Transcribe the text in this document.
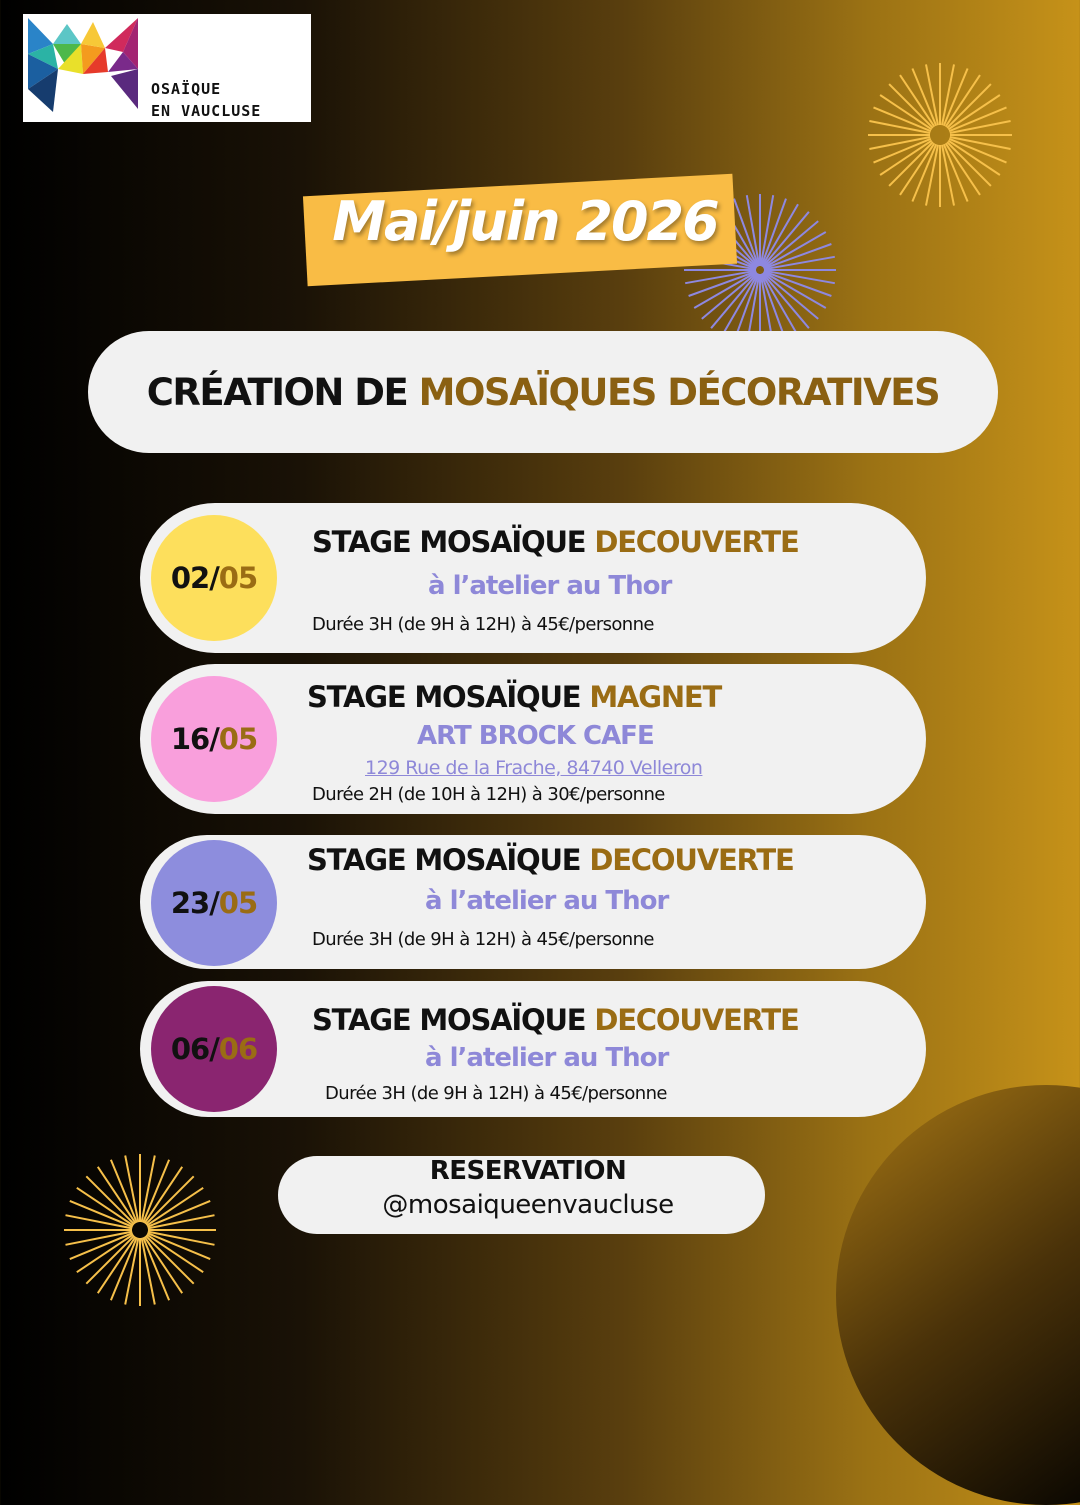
OSAÏQUE
EN VAUCLUSE
Mai/juin 2026
CRÉATION DE
MOSAÏQUES DÉCORATIVES
02/ 05
STAGE MOSAÏQUE DECOUVERTE
à l’atelier au Thor
Durée 3H (de 9H à 12H) à 45€/personne
16/ 05
STAGE MOSAÏQUE MAGNET
ART BROCK CAFE
129 Rue de la Frache, 84740 Velleron
Durée 2H (de 10H à 12H) à 30€/personne
23/ 05
STAGE MOSAÏQUE DECOUVERTE
à l’atelier au Thor
Durée 3H (de 9H à 12H) à 45€/personne
06/ 06
STAGE MOSAÏQUE DECOUVERTE
à l’atelier au Thor
Durée 3H (de 9H à 12H) à 45€/personne
RESERVATION
@mosaiqueenvaucluse
